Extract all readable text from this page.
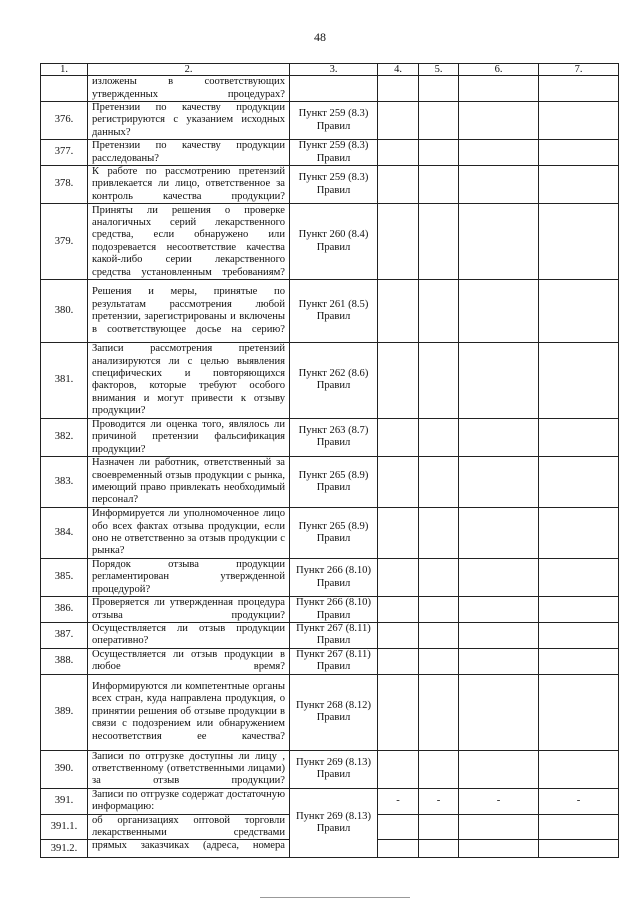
48
1.	2.	3.	4.	5.	6.	7.
	изложены в соответствующих утвержденных процедурах?					
376.	Претензии по качеству продукции регистрируются с указанием исходных данных?	Пункт 259 (8.3) Правил				
377.	Претензии по качеству продукции расследованы?	Пункт 259 (8.3) Правил				
378.	К работе по рассмотрению претензий привлекается ли лицо, ответственное за контроль качества продукции?	Пункт 259 (8.3) Правил				
379.	Приняты ли решения о проверке аналогичных серий лекарственного средства, если обнаружено или подозревается несоответствие качества какой-либо серии лекарственного средства установленным требованиям?	Пункт 260 (8.4) Правил				
380.	Решения и меры, принятые по результатам рассмотрения любой претензии, зарегистрированы и включены в соответствующее досье на серию?	Пункт 261 (8.5) Правил				
381.	Записи рассмотрения претензий анализируются ли с целью выявления специфических и повторяющихся факторов, которые требуют особого внимания и могут привести к отзыву продукции?	Пункт 262 (8.6) Правил				
382.	Проводится ли оценка того, являлось ли причиной претензии фальсификация продукции?	Пункт 263 (8.7) Правил				
383.	Назначен ли работник, ответственный за своевременный отзыв продукции с рынка, имеющий право привлекать необходимый персонал?	Пункт 265 (8.9) Правил				
384.	Информируется ли уполномоченное лицо обо всех фактах отзыва продукции, если оно не ответственно за отзыв продукции с рынка?	Пункт 265 (8.9) Правил				
385.	Порядок отзыва продукции регламентирован утвержденной процедурой?	Пункт 266 (8.10) Правил				
386.	Проверяется ли утвержденная процедура отзыва продукции?	Пункт 266 (8.10) Правил				
387.	Осуществляется ли отзыв продукции оперативно?	Пункт 267 (8.11) Правил				
388.	Осуществляется ли отзыв продукции в любое время?	Пункт 267 (8.11) Правил				
389.	Информируются ли компетентные органы всех стран, куда направлена продукция, о принятии решения об отзыве продукции в связи с подозрением или обнаружением несоответствия ее качества?	Пункт 268 (8.12) Правил				
390.	Записи по отгрузке доступны ли лицу , ответственному (ответственными лицами) за отзыв продукции?	Пункт 269 (8.13) Правил				
391.	Записи по отгрузке содержат достаточную информацию:	Пункт 269 (8.13) Правил	-	-	-	-

391.1.	об организациях оптовой торговли лекарственными средствами					
391.2.	прямых заказчиках (адреса, номера					
